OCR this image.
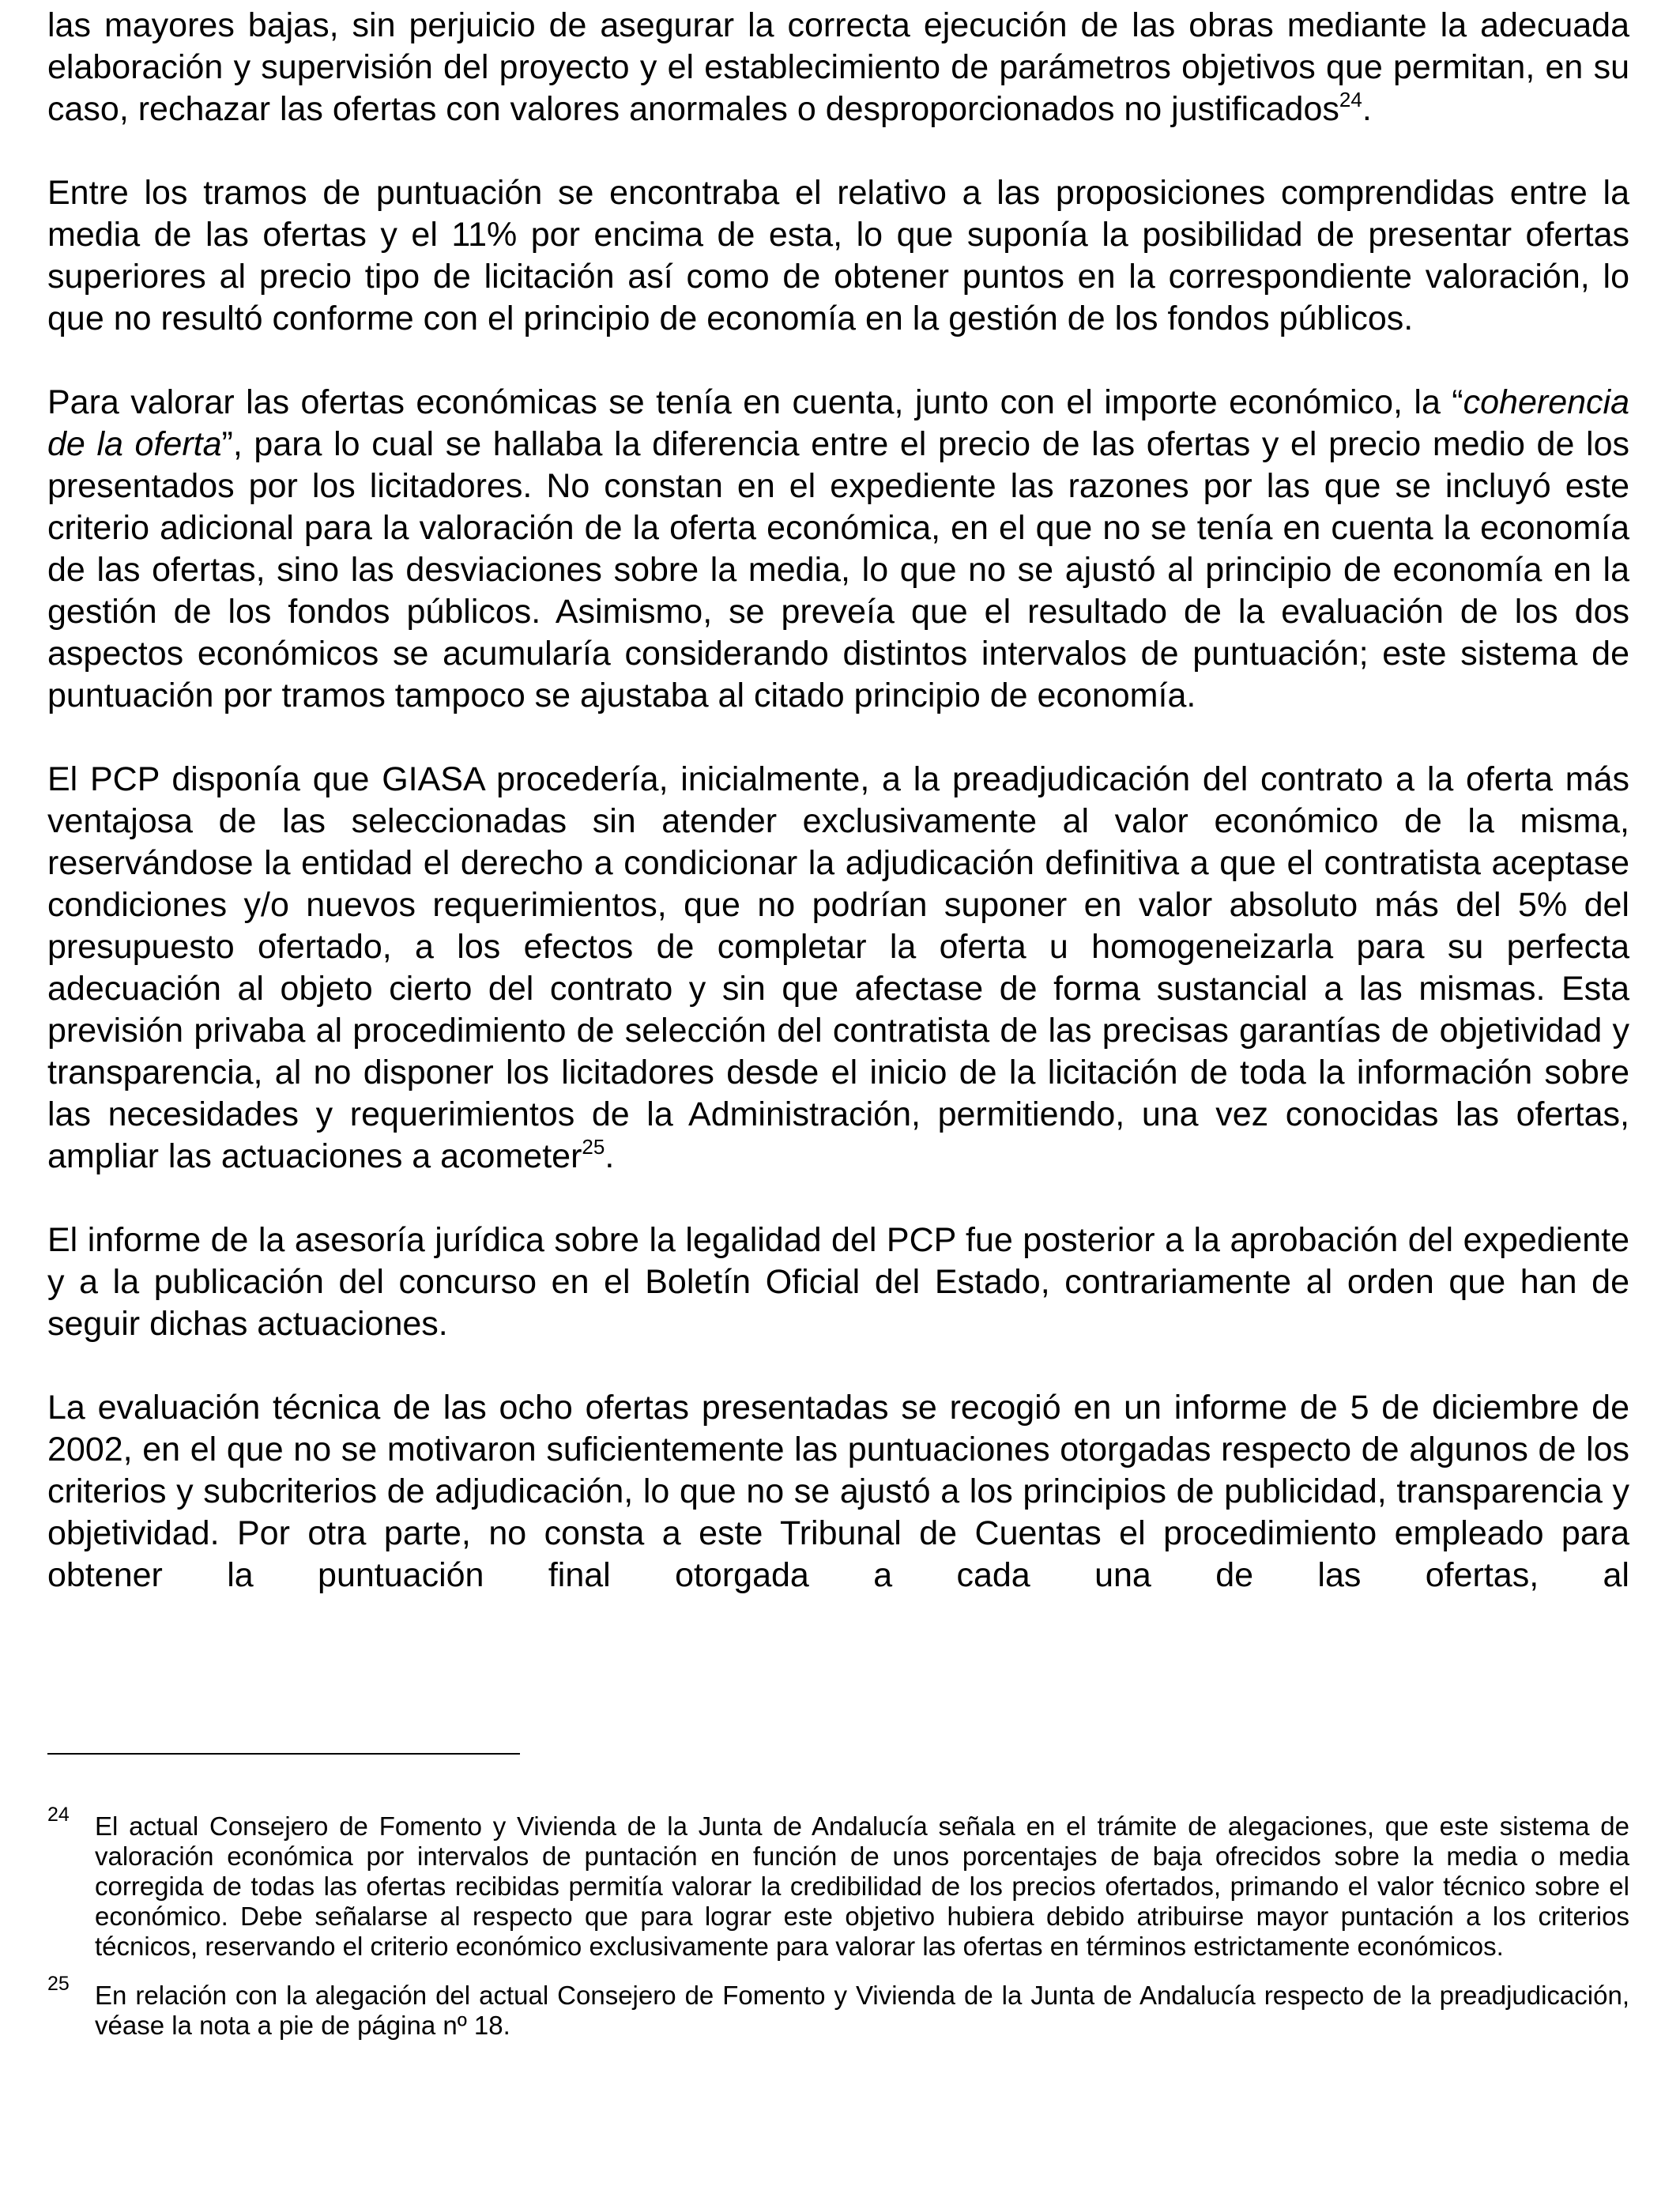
las mayores bajas, sin perjuicio de asegurar la correcta ejecución de las obras mediante la adecuada elaboración y supervisión del proyecto y el establecimiento de parámetros objetivos que permitan, en su caso, rechazar las ofertas con valores anormales o desproporcionados no justificados$^{24}$.

Entre los tramos de puntuación se encontraba el relativo a las proposiciones comprendidas entre la media de las ofertas y el 11% por encima de esta, lo que suponía la posibilidad de presentar ofertas superiores al precio tipo de licitación así como de obtener puntos en la correspondiente valoración, lo que no resultó conforme con el principio de economía en la gestión de los fondos públicos.

Para valorar las ofertas económicas se tenía en cuenta, junto con el importe económico, la “coherencia de la oferta”, para lo cual se hallaba la diferencia entre el precio de las ofertas y el precio medio de los presentados por los licitadores. No constan en el expediente las razones por las que se incluyó este criterio adicional para la valoración de la oferta económica, en el que no se tenía en cuenta la economía de las ofertas, sino las desviaciones sobre la media, lo que no se ajustó al principio de economía en la gestión de los fondos públicos. Asimismo, se preveía que el resultado de la evaluación de los dos aspectos económicos se acumularía considerando distintos intervalos de puntuación; este sistema de puntuación por tramos tampoco se ajustaba al citado principio de economía.

El PCP disponía que GIASA procedería, inicialmente, a la preadjudicación del contrato a la oferta más ventajosa de las seleccionadas sin atender exclusivamente al valor económico de la misma, reservándose la entidad el derecho a condicionar la adjudicación definitiva a que el contratista aceptase condiciones y/o nuevos requerimientos, que no podrían suponer en valor absoluto más del 5% del presupuesto ofertado, a los efectos de completar la oferta u homogeneizarla para su perfecta adecuación al objeto cierto del contrato y sin que afectase de forma sustancial a las mismas. Esta previsión privaba al procedimiento de selección del contratista de las precisas garantías de objetividad y transparencia, al no disponer los licitadores desde el inicio de la licitación de toda la información sobre las necesidades y requerimientos de la Administración, permitiendo, una vez conocidas las ofertas, ampliar las actuaciones a acometer$^{25}$.

El informe de la asesoría jurídica sobre la legalidad del PCP fue posterior a la aprobación del expediente y a la publicación del concurso en el Boletín Oficial del Estado, contrariamente al orden que han de seguir dichas actuaciones.

La evaluación técnica de las ocho ofertas presentadas se recogió en un informe de 5 de diciembre de 2002, en el que no se motivaron suficientemente las puntuaciones otorgadas respecto de algunos de los criterios y subcriterios de adjudicación, lo que no se ajustó a los principios de publicidad, transparencia y objetividad. Por otra parte, no consta a este Tribunal de Cuentas el procedimiento empleado para obtener la puntuación final otorgada a cada una de las ofertas, al

24 El actual Consejero de Fomento y Vivienda de la Junta de Andalucía señala en el trámite de alegaciones, que este sistema de valoración económica por intervalos de puntación en función de unos porcentajes de baja ofrecidos sobre la media o media corregida de todas las ofertas recibidas permitía valorar la credibilidad de los precios ofertados, primando el valor técnico sobre el económico. Debe señalarse al respecto que para lograr este objetivo hubiera debido atribuirse mayor puntación a los criterios técnicos, reservando el criterio económico exclusivamente para valorar las ofertas en términos estrictamente económicos.
25 En relación con la alegación del actual Consejero de Fomento y Vivienda de la Junta de Andalucía respecto de la preadjudicación, véase la nota a pie de página nº 18.
